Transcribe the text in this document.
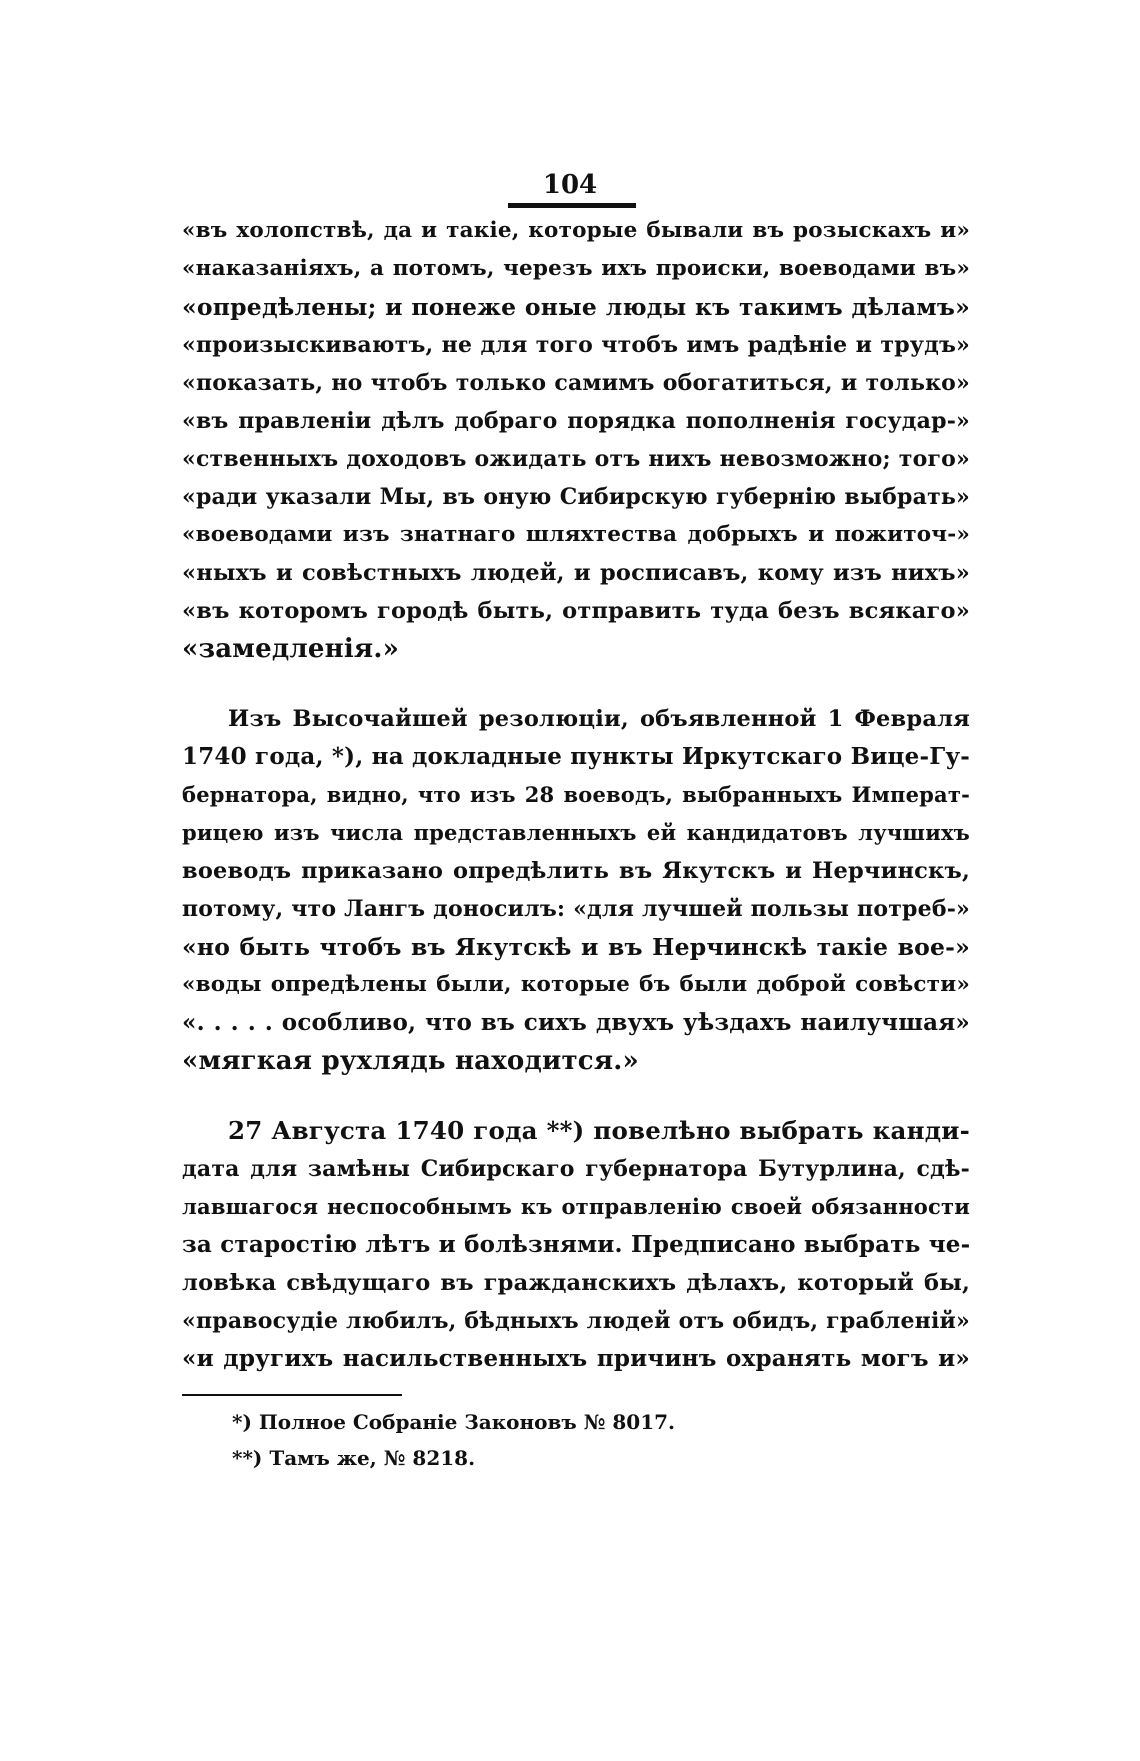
104
«въ холопствѣ, да и такіе, которые бывали въ розыскахъ и»
«наказаніяхъ, а потомъ, черезъ ихъ происки, воеводами въ»
«опредѣлены; и понеже оные люды къ такимъ дѣламъ»
«произыскиваютъ, не для того чтобъ имъ радѣніе и трудъ»
«показать, но чтобъ только самимъ обогатиться, и только»
«въ правленіи дѣлъ добраго порядка пополненія государ-»
«ственныхъ доходовъ ожидать отъ нихъ невозможно; того»
«ради указали Мы, въ оную Сибирскую губернію выбрать»
«воеводами изъ знатнаго шляхтества добрыхъ и пожиточ-»
«ныхъ и совѣстныхъ людей, и росписавъ, кому изъ нихъ»
«въ которомъ городѣ быть, отправить туда безъ всякаго»
«замедленія.»
Изъ Высочайшей резолюціи, объявленной 1 Февраля
1740 года, *), на докладные пункты Иркутскаго Вице-Гу-
бернатора, видно, что изъ 28 воеводъ, выбранныхъ Императ-
рицею изъ числа представленныхъ ей кандидатовъ лучшихъ
воеводъ приказано опредѣлить въ Якутскъ и Нерчинскъ,
потому, что Лангъ доносилъ: «для лучшей пользы потреб-»
«но быть чтобъ въ Якутскѣ и въ Нерчинскѣ такіе вое-»
«воды опредѣлены были, которые бъ были доброй совѣсти»
«. . . . . особливо, что въ сихъ двухъ уѣздахъ наилучшая»
«мягкая рухлядь находится.»
27 Августа 1740 года **) повелѣно выбрать канди-
дата для замѣны Сибирскаго губернатора Бутурлина, сдѣ-
лавшагося неспособнымъ къ отправленію своей обязанности
за старостію лѣтъ и болѣзнями. Предписано выбрать че-
ловѣка свѣдущаго въ гражданскихъ дѣлахъ, который бы,
«правосудіе любилъ, бѣдныхъ людей отъ обидъ, грабленій»
«и другихъ насильственныхъ причинъ охранять могъ и»
*) Полное Собраніе Законовъ № 8017.
**) Тамъ же, № 8218.
